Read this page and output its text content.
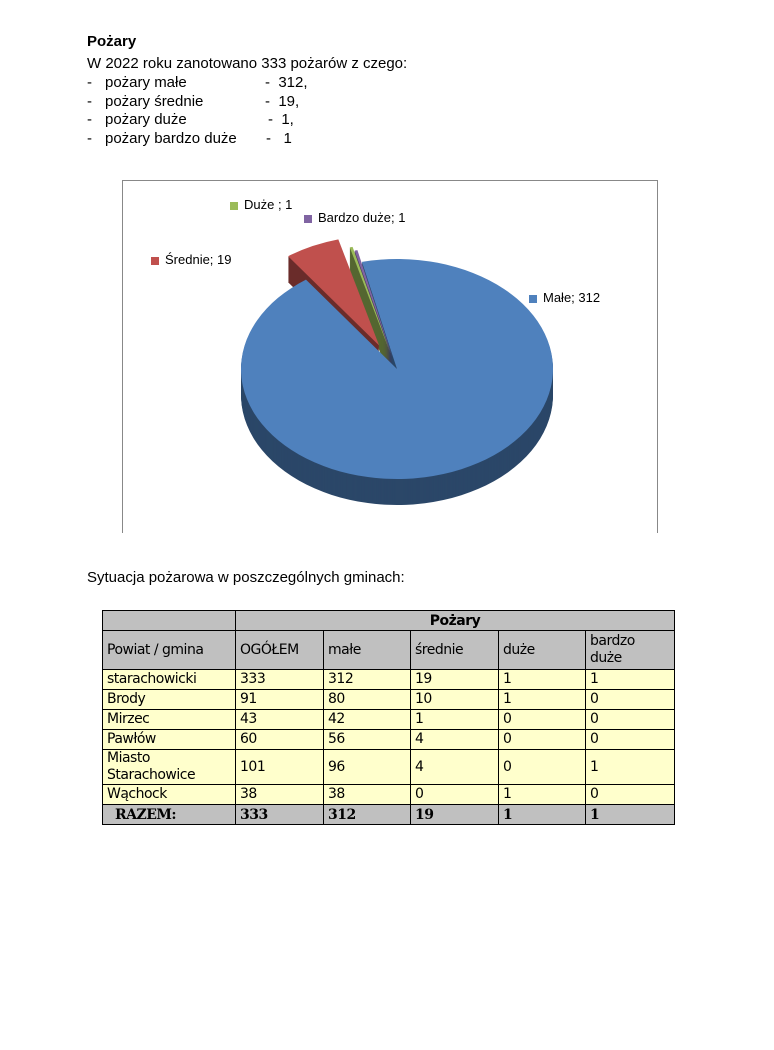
Pożary
W 2022 roku zanotowano 333 pożarów z czego:
- pożary małe	-  312,
- pożary średnie	-  19,
- pożary duże	-  1,
- pożary bardzo duże -   1
Duże ; 1
Bardzo duże; 1
Średnie; 19
Małe; 312
Sytuacja pożarowa w poszczególnych gminach:
	Pożary				
Powiat / gmina	OGÓŁEM	małe	średnie	duże	bardzo duże
starachowicki	333	312	19	1	1
Brody	91	80	10	1	0
Mirzec	43	42	1	0	0
Pawłów	60	56	4	0	0
Miasto Starachowice	101	96	4	0	1
Wąchock	38	38	0	1	0
RAZEM:	333	312	19	1	1
